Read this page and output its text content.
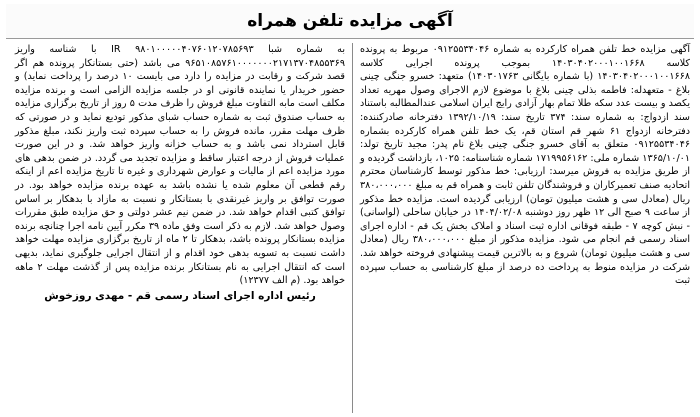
آگهی مزایده تلفن همراه

آگهی مزایده خط تلفن همراه کارکرده به شماره ۰۹۱۲۵۵۳۴۰۴۶ مربوط به پرونده کلاسه ۱۴۰۳۰۴۰۲۰۰۰۱۰۰۱۶۶۸ بموجب پرونده اجرایی کلاسه ۱۴۰۳۰۴۰۲۰۰۰۱۰۰۱۶۶۸ (با شماره بایگانی ۱۴۰۳۰۱۷۶۳) متعهد: خسرو جنگی چینی بلاغ - متعهدله: فاطمه بذلی چینی بلاغ با موضوع لازم الاجرای وصول مهریه تعداد یکصد و بیست عدد سکه طلا تمام بهار آزادی رایج ایران اسلامی عندالمطالبه باستناد سند ازدواج: به شماره سند: ۳۷۴ تاریخ سند: ۱۳۹۲/۱۰/۱۹ دفترخانه صادرکننده: دفترخانه ازدواج ۶۱ شهر قم استان قم، یک خط تلفن همراه کارکرده بشماره ۰۹۱۲۵۵۳۴۰۴۶ متعلق به آقای خسرو جنگی چینی بلاغ نام پدر: مجید تاریخ تولد: ۱۳۶۵/۱۰/۰۱ شماره ملی: ۱۷۱۹۹۵۶۱۶۲ شماره شناسنامه: ۱۰۲۵، بازداشت گردیده و از طریق مزایده به فروش میرسد: ارزیابی: خط مذکور توسط کارشناسان محترم اتحادیه صنف تعمیرکاران و فروشندگان تلفن ثابت و همراه قم به مبلغ ۳۸۰،۰۰۰،۰۰۰ ریال (معادل سی و هشت میلیون تومان) ارزیابی گردیده است. مزایده خط مذکور از ساعت ۹ صبح الی ۱۲ ظهر روز دوشنبه ۱۴۰۴/۰۲/۰۸ در خیابان ساحلی (لواسانی) - نبش کوچه ۷ - طبقه فوقانی اداره ثبت اسناد و املاک بخش یک قم - اداره اجرای اسناد رسمی قم انجام می شود. مزایده مذکور از مبلغ ۳۸۰،۰۰۰،۰۰۰ ریال (معادل سی و هشت میلیون تومان) شروع و به بالاترین قیمت پیشنهادی فروخته خواهد شد. شرکت در مزایده منوط به پرداخت ده درصد از مبلغ کارشناسی به حساب سپرده ثبت

به شماره شبا IR ۹۸۰۱۰۰۰۰۰۴۰۷۶۰۱۲۰۷۸۵۶۹۳ با شناسه واریز ۹۶۵۱۰۸۵۷۶۱۰۰۰۰۰۰۰۲۱۷۱۳۷۰۴۸۵۵۳۶۹ می باشد (حتی بستانکار پرونده هم اگر قصد شرکت و رقابت در مزایده را دارد می بایست ۱۰ درصد را پرداخت نماید) و حضور خریدار یا نماینده قانونی او در جلسه مزایده الزامی است و برنده مزایده مکلف است مابه التفاوت مبلغ فروش را ظرف مدت ۵ روز از تاریخ برگزاری مزایده به حساب صندوق ثبت به شماره حساب شبای مذکور تودیع نماید و در صورتی که ظرف مهلت مقرر، مانده فروش را به حساب سپرده ثبت واریز نکند، مبلغ مذکور قابل استرداد نمی باشد و به حساب خزانه واریز خواهد شد. و در این صورت عملیات فروش از درجه اعتبار ساقط و مزایده تجدید می گردد. در ضمن بدهی های مورد مزایده اعم از مالیات و عوارض شهرداری و غیره تا تاریخ مزایده اعم از اینکه رقم قطعی آن معلوم شده یا نشده باشد به عهده برنده مزایده خواهد بود. در صورت توافق بر واریز غیرنقدی با بستانکار و نسبت به مازاد با بدهکار بر اساس توافق کتبی اقدام خواهد شد. در ضمن نیم عشر دولتی و حق مزایده طبق مقررات وصول خواهد شد. لازم به ذکر است وفق ماده ۳۹ مکرر آیین نامه اجرا چنانچه برنده مزایده بستانکار پرونده باشد، بدهکار تا ۲ ماه از تاریخ برگزاری مزایده مهلت خواهد داشت نسبت به تسویه بدهی خود اقدام و از انتقال اجرایی جلوگیری نماید، بدیهی است که انتقال اجرایی به نام بستانکار برنده مزایده پس از گذشت مهلت ۲ ماهه خواهد بود. (م الف ۱۲۳۷۷)

رئیس اداره اجرای اسناد رسمی قم - مهدی روزخوش
